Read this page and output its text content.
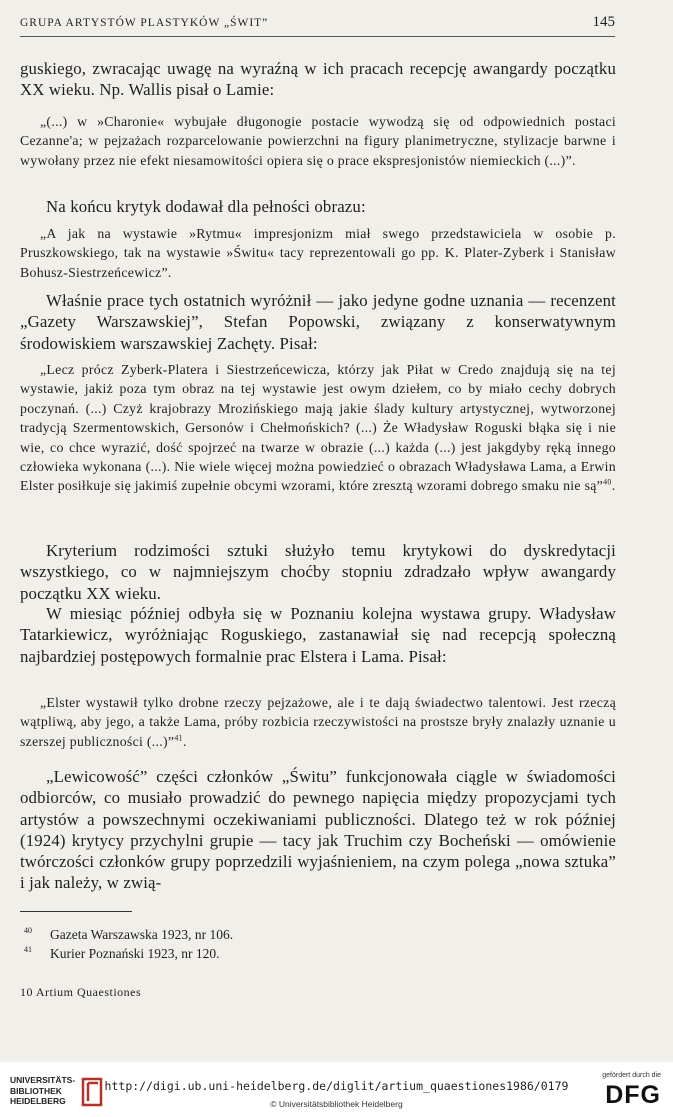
GRUPA ARTYSTÓW PLASTYKÓW „ŚWIT”	145

guskiego, zwracając uwagę na wyraźną w ich pracach recepcję awangardy początku XX wieku. Np. Wallis pisał o Lamie:

„(...) w »Charonie« wybujałe długonogie postacie wywodzą się od odpowiednich postaci Cezanne'a; w pejzażach rozparcelowanie powierzchni na figury planimetryczne, stylizacje barwne i wywołany przez nie efekt niesamowitości opiera się o prace ekspresjonistów niemieckich (...)”.

Na końcu krytyk dodawał dla pełności obrazu:

„A jak na wystawie »Rytmu« impresjonizm miał swego przedstawiciela w osobie p. Pruszkowskiego, tak na wystawie »Świtu« tacy reprezentowali go pp. K. Plater-Zyberk i Stanisław Bohusz-Siestrzeńcewicz”.

Właśnie prace tych ostatnich wyróżnił — jako jedyne godne uznania — recenzent „Gazety Warszawskiej”, Stefan Popowski, związany z konserwatywnym środowiskiem warszawskiej Zachęty. Pisał:

„Lecz prócz Zyberk-Platera i Siestrzeńcewicza, którzy jak Piłat w Credo znajdują się na tej wystawie, jakiż poza tym obraz na tej wystawie jest owym dziełem, co by miało cechy dobrych poczynań. (...) Czyż krajobrazy Mrozińskiego mają jakie ślady kultury artystycznej, wytworzonej tradycją Szermentowskich, Gersonów i Chełmońskich? (...) Że Władysław Roguski błąka się i nie wie, co chce wyrazić, dość spojrzeć na twarze w obrazie (...) każda (...) jest jakgdyby ręką innego człowieka wykonana (...). Nie wiele więcej można powiedzieć o obrazach Władysława Lama, a Erwin Elster posiłkuje się jakimiś zupełnie obcymi wzorami, które zresztą wzorami dobrego smaku nie są”$^{40}$.

Kryterium rodzimości sztuki służyło temu krytykowi do dyskredytacji wszystkiego, co w najmniejszym choćby stopniu zdradzało wpływ awangardy początku XX wieku.

W miesiąc później odbyła się w Poznaniu kolejna wystawa grupy. Władysław Tatarkiewicz, wyróżniając Roguskiego, zastanawiał się nad recepcją społeczną najbardziej postępowych formalnie prac Elstera i Lama. Pisał:

„Elster wystawił tylko drobne rzeczy pejzażowe, ale i te dają świadectwo talentowi. Jest rzeczą wątpliwą, aby jego, a także Lama, próby rozbicia rzeczywistości na prostsze bryły znalazły uznanie u szerszej publiczności (...)”$^{41}$.

„Lewicowość” części członków „Świtu” funkcjonowała ciągle w świadomości odbiorców, co musiało prowadzić do pewnego napięcia między propozycjami tych artystów a powszechnymi oczekiwaniami publiczności. Dlatego też w rok później (1924) krytycy przychylni grupie — tacy jak Truchim czy Bocheński — omówienie twórczości członków grupy poprzedzili wyjaśnieniem, na czym polega „nowa sztuka” i jak należy, w zwią-

40 Gazeta Warszawska 1923, nr 106.
41 Kurier Poznański 1923, nr 120.
10 Artium Quaestiones
UNIVERSITÄTS-
BIBLIOTHEK
HEIDELBERG
http://digi.ub.uni-heidelberg.de/diglit/artium_quaestiones1986/0179
© Universitätsbibliothek Heidelberg
gefördert durch die
DFG
